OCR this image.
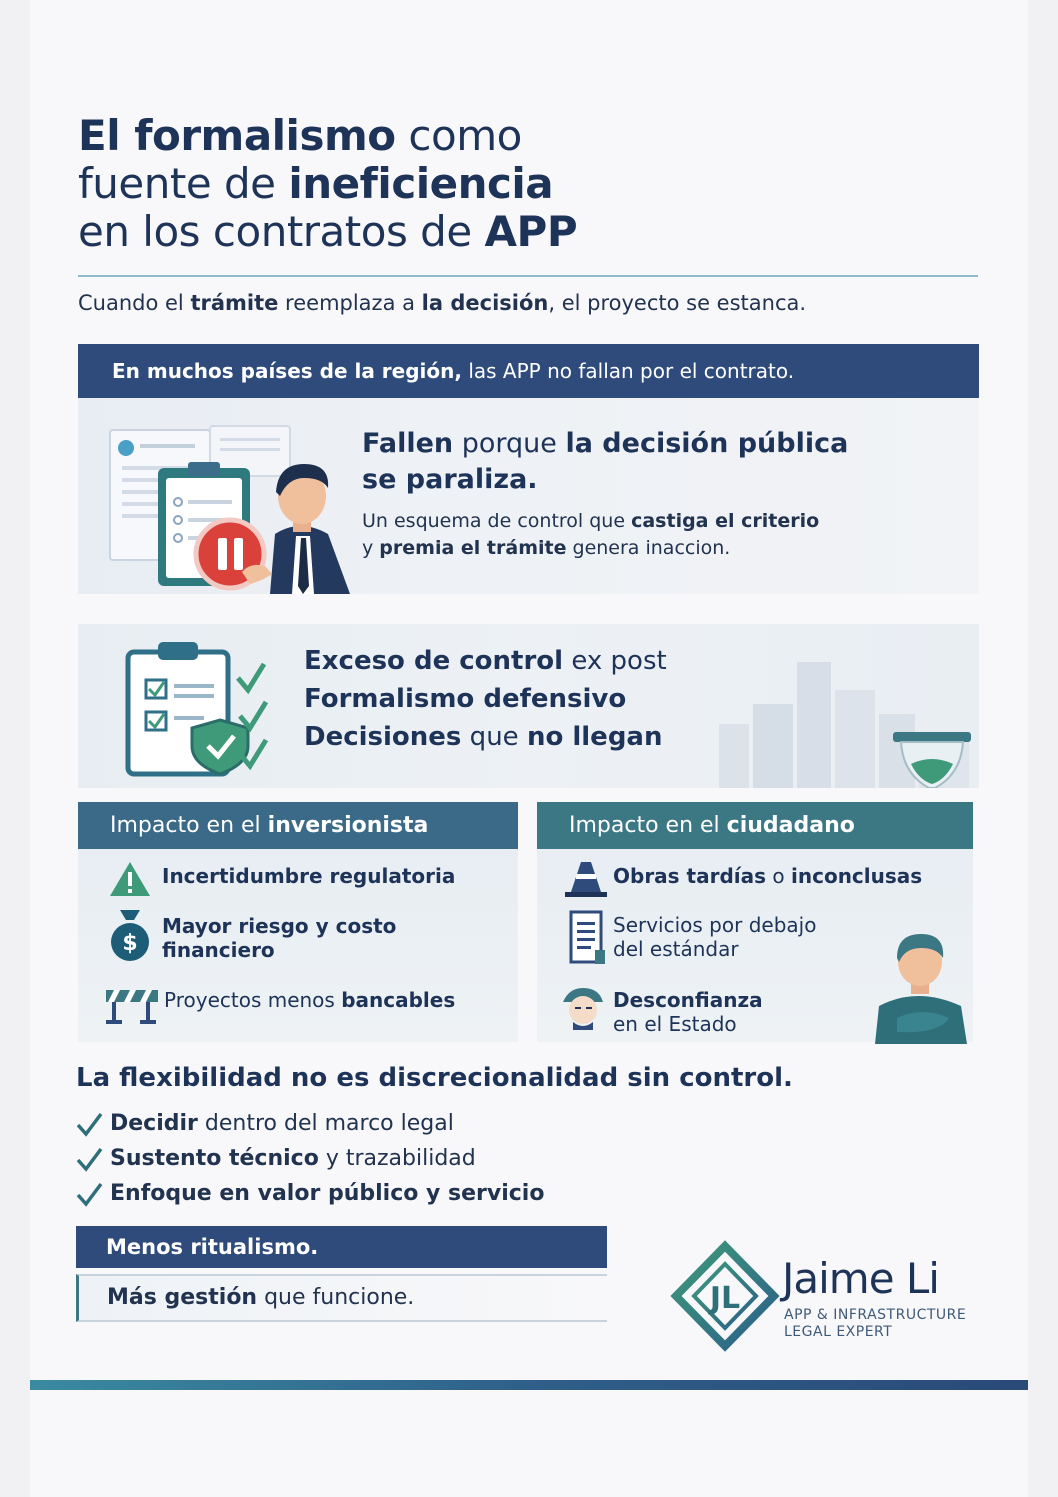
El formalismo como
fuente de ineficiencia
en los contratos de APP
Cuando el trámite reemplaza a la decisión, el proyecto se estanca.
En muchos países de la región, las APP no fallan por el contrato.
Fallen porque la decisión pública
se paraliza.
Un esquema de control que castiga el criterio
y premia el trámite genera inaccion.
Exceso de control ex post
Formalismo defensivo
Decisiones que no llegan
Impacto en el inversionista
Incertidumbre regulatoria
$
Mayor riesgo y costo
financiero
Proyectos menos bancables
Impacto en el ciudadano
Obras tardías o inconclusas
Servicios por debajo
del estándar
Desconfianza
en el Estado
La flexibilidad no es discrecionalidad sin control.
Decidir dentro del marco legal
Sustento técnico y trazabilidad
Enfoque en valor público y servicio
Menos ritualismo.
Más gestión que funcione.	JL Jaime Li
APP & INFRASTRUCTURE
LEGAL EXPERT
